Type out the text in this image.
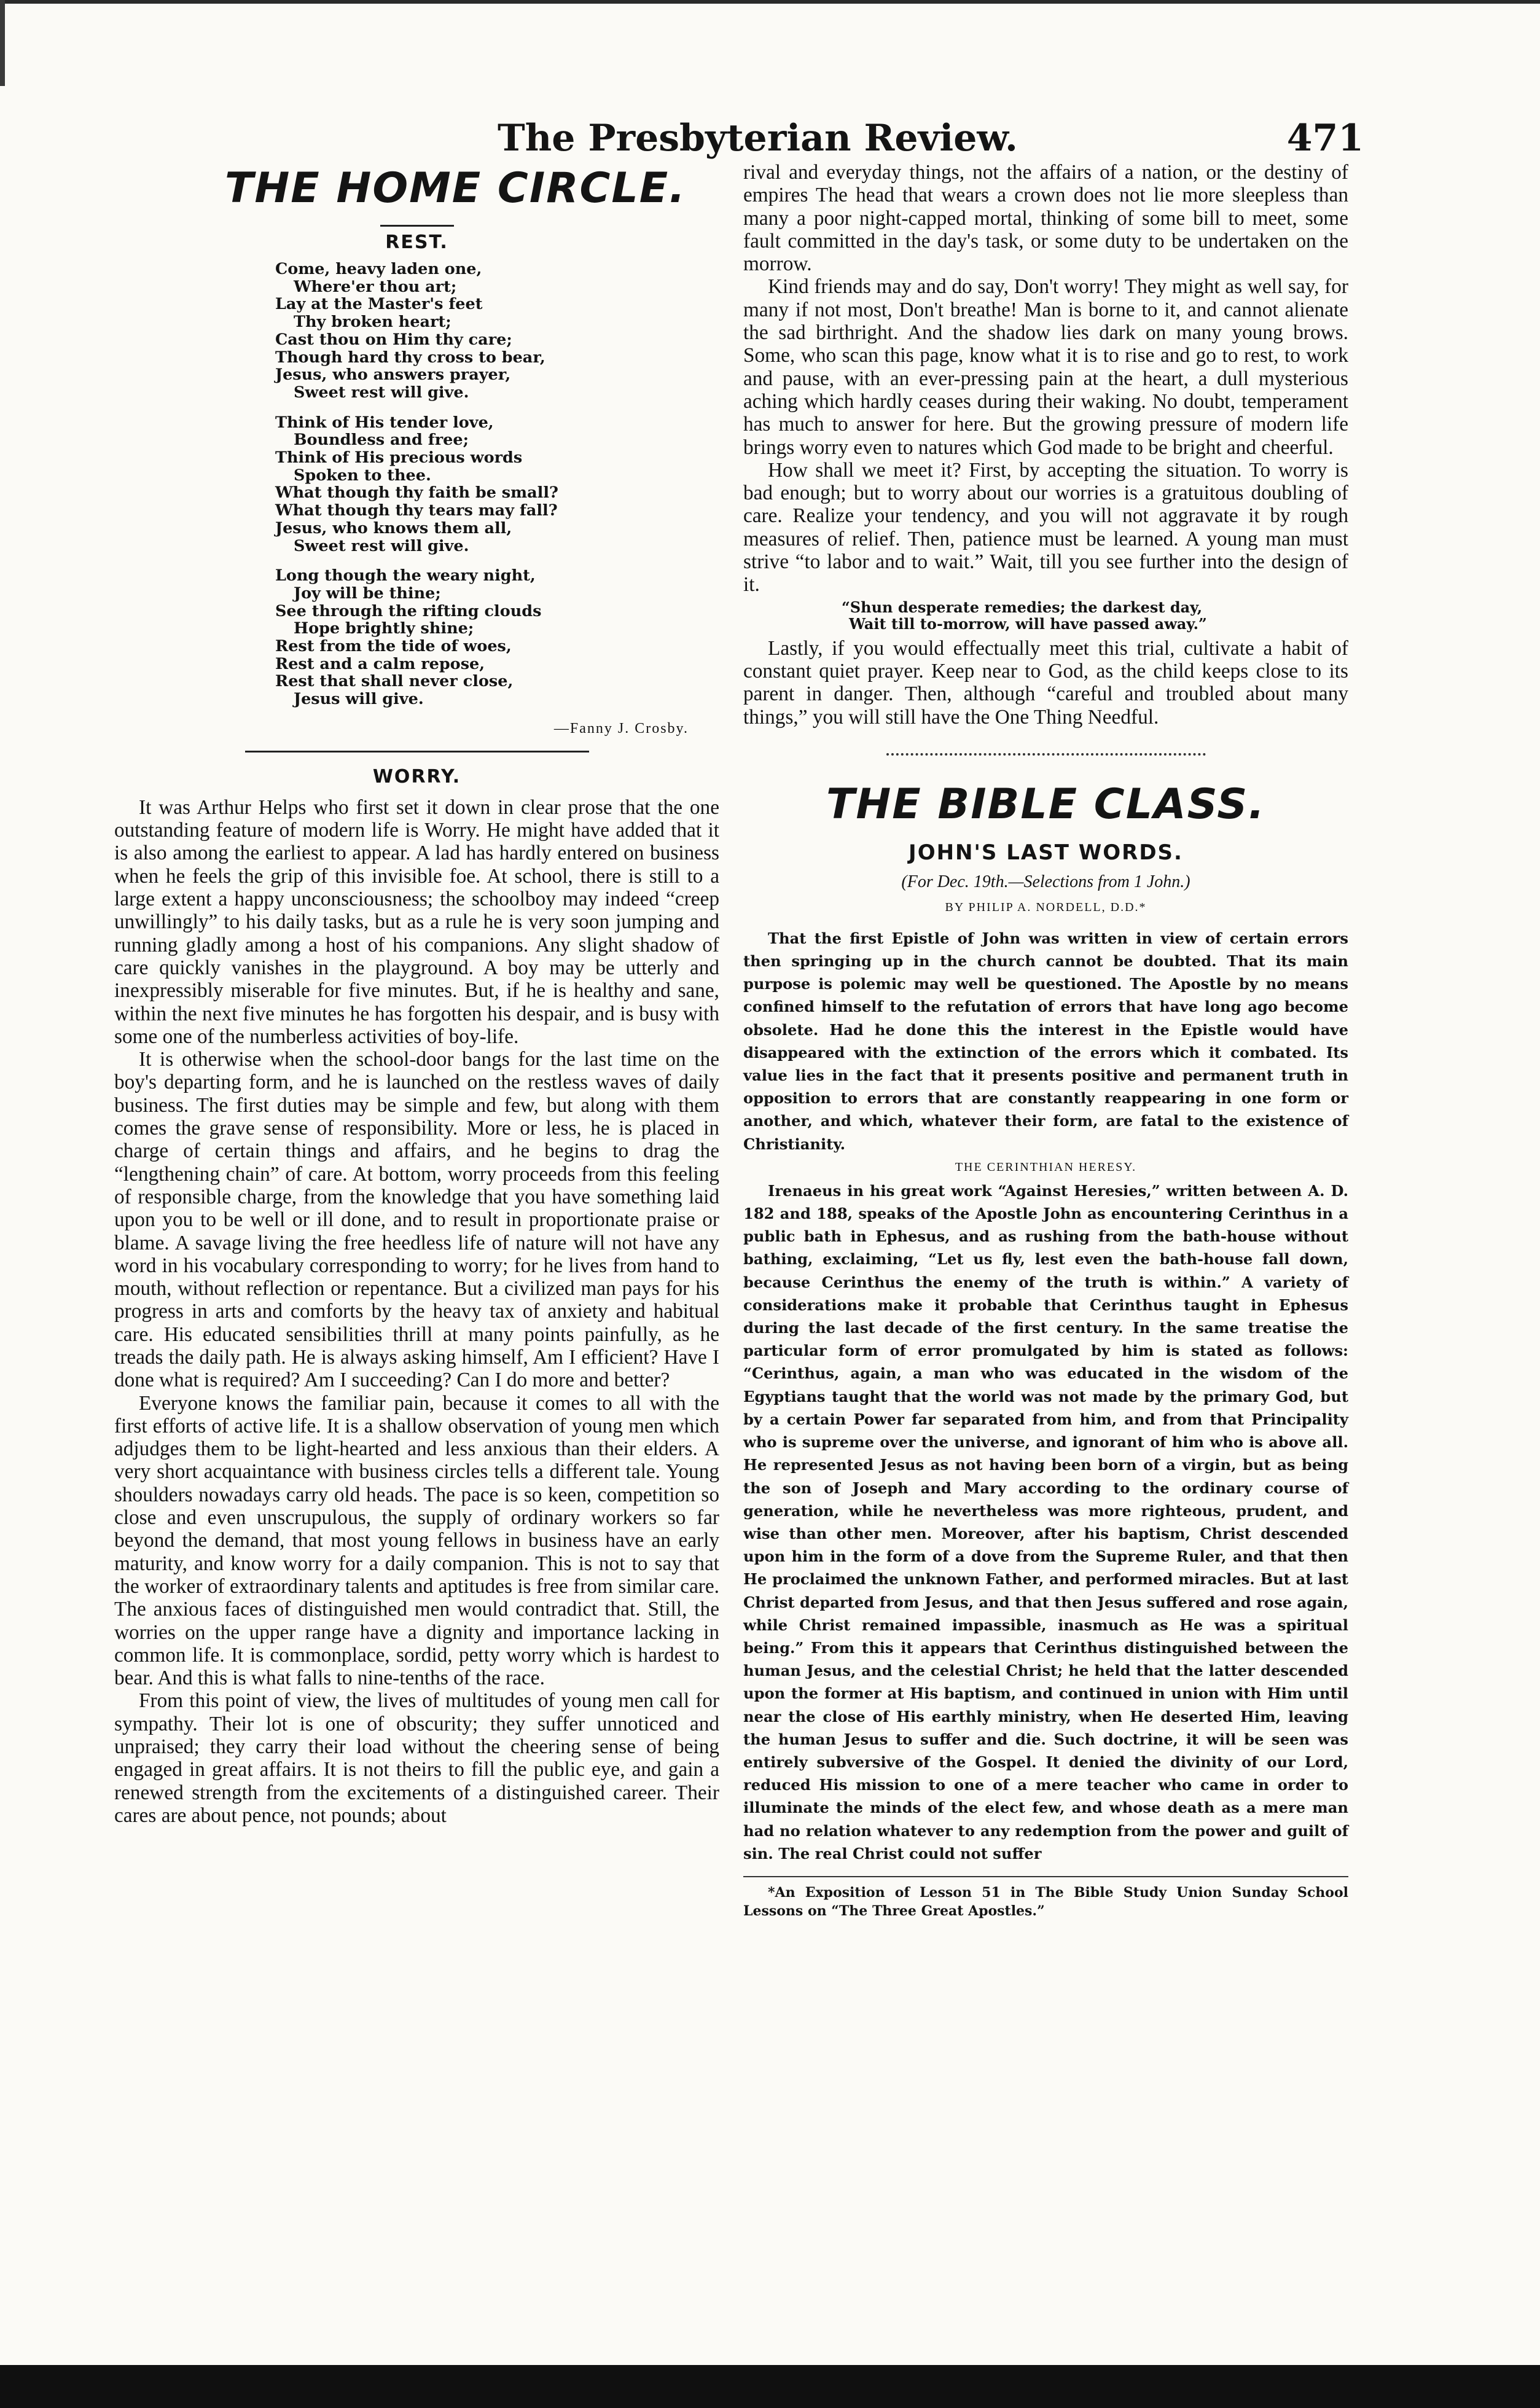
The Presbyterian Review.	471
THE HOME CIRCLE.
REST.
Come, heavy laden one,
Where'er thou art;
Lay at the Master's feet
Thy broken heart;
Cast thou on Him thy care;
Though hard thy cross to bear,
Jesus, who answers prayer,
Sweet rest will give.
Think of His tender love,
Boundless and free;
Think of His precious words
Spoken to thee.
What though thy faith be small?
What though thy tears may fall?
Jesus, who knows them all,
Sweet rest will give.
Long though the weary night,
Joy will be thine;
See through the rifting clouds
Hope brightly shine;
Rest from the tide of woes,
Rest and a calm repose,
Rest that shall never close,
Jesus will give.
—Fanny J. Crosby.
WORRY.

It was Arthur Helps who first set it down in clear prose that the one outstanding feature of modern life is Worry. He might have added that it is also among the earliest to appear. A lad has hardly entered on business when he feels the grip of this invisible foe. At school, there is still to a large extent a happy unconsciousness; the schoolboy may indeed “creep unwillingly” to his daily tasks, but as a rule he is very soon jumping and running gladly among a host of his companions. Any slight shadow of care quickly vanishes in the playground. A boy may be utterly and inexpressibly miserable for five minutes. But, if he is healthy and sane, within the next five minutes he has forgotten his despair, and is busy with some one of the numberless activities of boy-life.

It is otherwise when the school-door bangs for the last time on the boy's departing form, and he is launched on the restless waves of daily business. The first duties may be simple and few, but along with them comes the grave sense of responsibility. More or less, he is placed in charge of certain things and affairs, and he begins to drag the “lengthening chain” of care. At bottom, worry proceeds from this feeling of responsible charge, from the knowledge that you have something laid upon you to be well or ill done, and to result in proportionate praise or blame. A savage living the free heedless life of nature will not have any word in his vocabulary corresponding to worry; for he lives from hand to mouth, without reflection or repentance. But a civilized man pays for his progress in arts and comforts by the heavy tax of anxiety and habitual care. His educated sensibilities thrill at many points painfully, as he treads the daily path. He is always asking himself, Am I efficient? Have I done what is required? Am I succeeding? Can I do more and better?

Everyone knows the familiar pain, because it comes to all with the first efforts of active life. It is a shallow observation of young men which adjudges them to be light-hearted and less anxious than their elders. A very short acquaintance with business circles tells a different tale. Young shoulders nowadays carry old heads. The pace is so keen, competition so close and even unscrupulous, the supply of ordinary workers so far beyond the demand, that most young fellows in business have an early maturity, and know worry for a daily companion. This is not to say that the worker of extraordinary talents and aptitudes is free from similar care. The anxious faces of distinguished men would contradict that. Still, the worries on the upper range have a dignity and importance lacking in common life. It is commonplace, sordid, petty worry which is hardest to bear. And this is what falls to nine-tenths of the race.

From this point of view, the lives of multitudes of young men call for sympathy. Their lot is one of obscurity; they suffer unnoticed and unpraised; they carry their load without the cheering sense of being engaged in great affairs. It is not theirs to fill the public eye, and gain a renewed strength from the excitements of a distinguished career. Their cares are about pence, not pounds; about

rival and everyday things, not the affairs of a nation, or the destiny of empires The head that wears a crown does not lie more sleepless than many a poor night-capped mortal, thinking of some bill to meet, some fault committed in the day's task, or some duty to be undertaken on the morrow.

Kind friends may and do say, Don't worry! They might as well say, for many if not most, Don't breathe! Man is borne to it, and cannot alienate the sad birthright. And the shadow lies dark on many young brows. Some, who scan this page, know what it is to rise and go to rest, to work and pause, with an ever-pressing pain at the heart, a dull mysterious aching which hardly ceases during their waking. No doubt, temperament has much to answer for here. But the growing pressure of modern life brings worry even to natures which God made to be bright and cheerful.

How shall we meet it? First, by accepting the situation. To worry is bad enough; but to worry about our worries is a gratuitous doubling of care. Realize your tendency, and you will not aggravate it by rough measures of relief. Then, patience must be learned. A young man must strive “to labor and to wait.” Wait, till you see further into the design of it.

“Shun desperate remedies; the darkest day,
Wait till to-morrow, will have passed away.”

Lastly, if you would effectually meet this trial, cultivate a habit of constant quiet prayer. Keep near to God, as the child keeps close to its parent in danger. Then, although “careful and troubled about many things,” you will still have the One Thing Needful.

THE BIBLE CLASS.
JOHN'S LAST WORDS.
(For Dec. 19th.—Selections from 1 John.)
BY PHILIP A. NORDELL, D.D.*

That the first Epistle of John was written in view of certain errors then springing up in the church cannot be doubted. That its main purpose is polemic may well be questioned. The Apostle by no means confined himself to the refutation of errors that have long ago become obsolete. Had he done this the interest in the Epistle would have disappeared with the extinction of the errors which it combated. Its value lies in the fact that it presents positive and permanent truth in opposition to errors that are constantly reappearing in one form or another, and which, whatever their form, are fatal to the existence of Christianity.

THE CERINTHIAN HERESY.

Irenaeus in his great work “Against Heresies,” written between A. D. 182 and 188, speaks of the Apostle John as encountering Cerinthus in a public bath in Ephesus, and as rushing from the bath-house without bathing, exclaiming, “Let us fly, lest even the bath-house fall down, because Cerinthus the enemy of the truth is within.” A variety of considerations make it probable that Cerinthus taught in Ephesus during the last decade of the first century. In the same treatise the particular form of error promulgated by him is stated as follows: “Cerinthus, again, a man who was educated in the wisdom of the Egyptians taught that the world was not made by the primary God, but by a certain Power far separated from him, and from that Principality who is supreme over the universe, and ignorant of him who is above all. He represented Jesus as not having been born of a virgin, but as being the son of Joseph and Mary according to the ordinary course of generation, while he nevertheless was more righteous, prudent, and wise than other men. Moreover, after his baptism, Christ descended upon him in the form of a dove from the Supreme Ruler, and that then He proclaimed the unknown Father, and performed miracles. But at last Christ departed from Jesus, and that then Jesus suffered and rose again, while Christ remained impassible, inasmuch as He was a spiritual being.” From this it appears that Cerinthus distinguished between the human Jesus, and the celestial Christ; he held that the latter descended upon the former at His baptism, and continued in union with Him until near the close of His earthly ministry, when He deserted Him, leaving the human Jesus to suffer and die. Such doctrine, it will be seen was entirely subversive of the Gospel. It denied the divinity of our Lord, reduced His mission to one of a mere teacher who came in order to illuminate the minds of the elect few, and whose death as a mere man had no relation whatever to any redemption from the power and guilt of sin. The real Christ could not suffer

*An Exposition of Lesson 51 in The Bible Study Union Sunday School Lessons on “The Three Great Apostles.”
